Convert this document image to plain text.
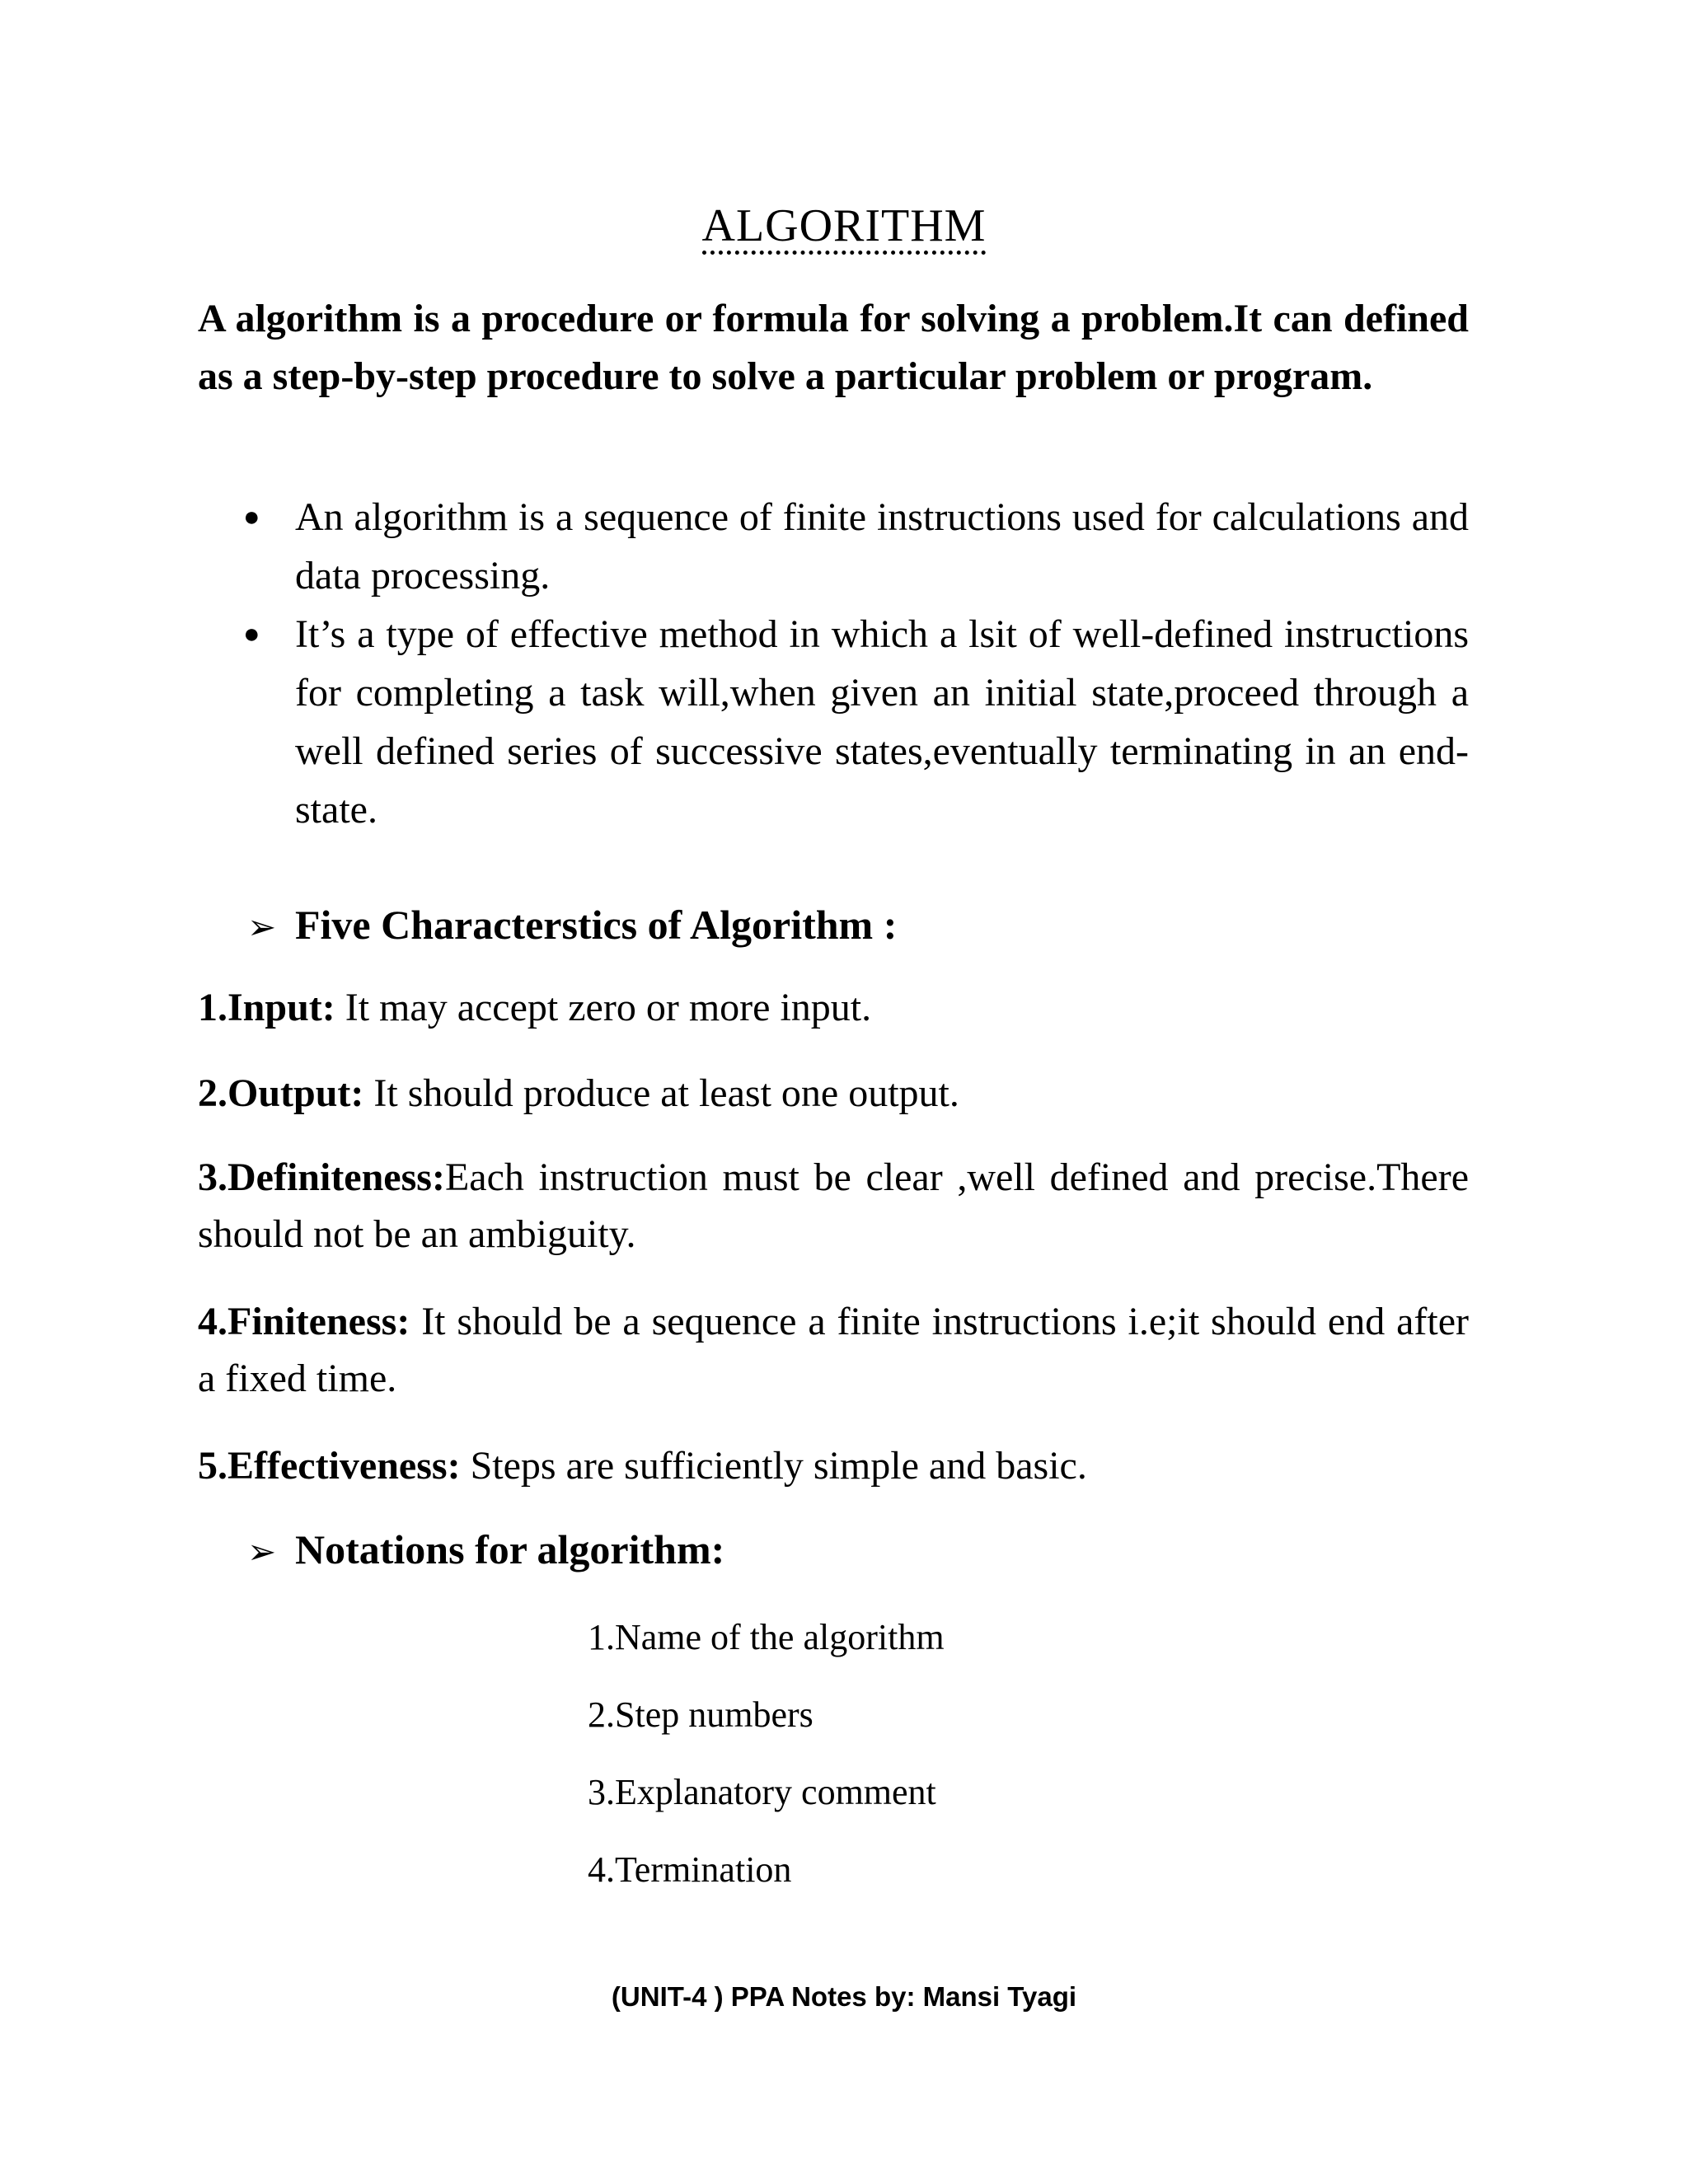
ALGORITHM
A algorithm is a procedure or formula for solving a problem.It can defined as a step-by-step procedure to solve a particular problem or program.
● An algorithm is a sequence of finite instructions used for calculations and data processing.
● It’s a type of effective method in which a lsit of well-defined instructions for completing a task will,when given an initial state,proceed through a well defined series of successive states,eventually terminating in an end-state.
➢ Five Characterstics of Algorithm :
1.Input: It may accept zero or more input.
2.Output: It should produce at least one output.
3.Definiteness:Each instruction must be clear ,well defined and precise.There should not be an ambiguity.
4.Finiteness: It should be a sequence a finite instructions i.e;it should end after a fixed time.
5.Effectiveness: Steps are sufficiently simple and basic.
➢ Notations for algorithm:
1.Name of the algorithm
2.Step numbers
3.Explanatory comment
4.Termination
(UNIT-4 ) PPA Notes by: Mansi Tyagi
